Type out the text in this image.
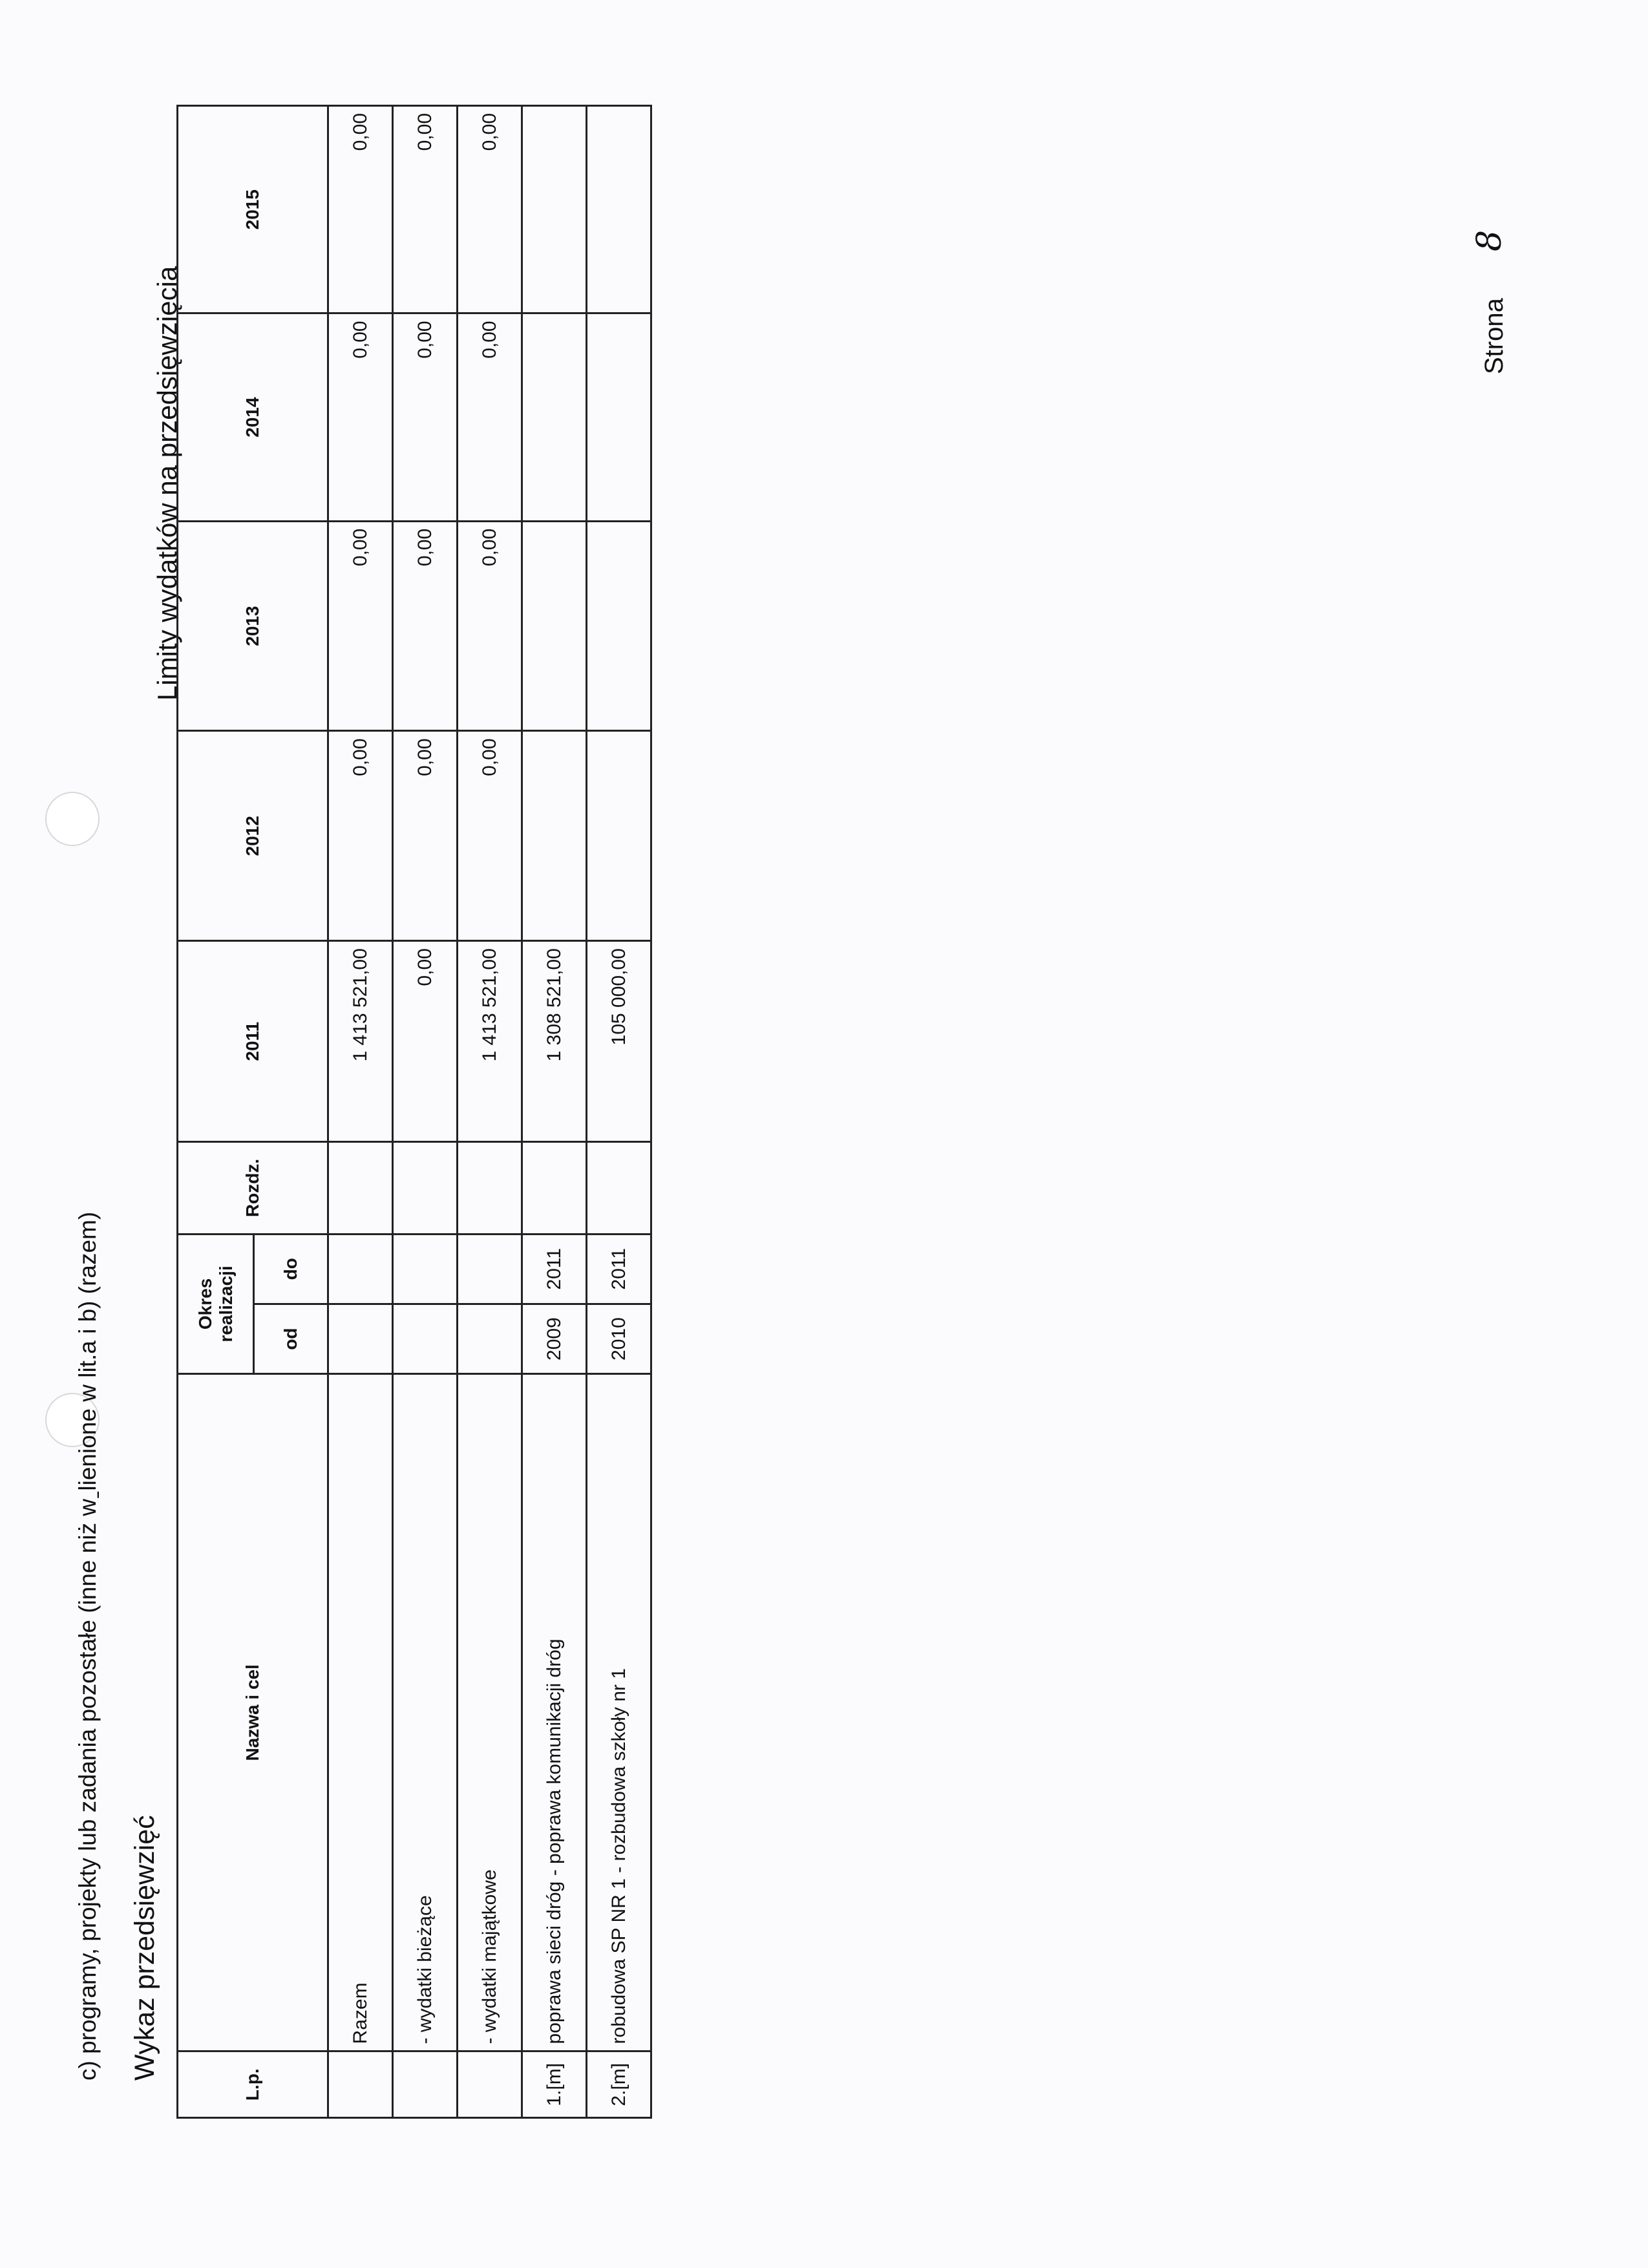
c) programy, projekty lub zadania pozostałe (inne niż wˍlienione w lit.a i b) (razem) Wykaz przedsięwzięć
Limity wydatków na przedsięwzięcia
L.p.	Nazwa i cel	Okres realizacji		Rozdz.	2011	2012	2013	2014	2015
		od	do						
	Razem				1 413 521,00	0,00	0,00	0,00	0,00
	- wydatki bieżące				0,00	0,00	0,00	0,00	0,00
	- wydatki majątkowe				1 413 521,00	0,00	0,00	0,00	0,00
1.[m]	poprawa sieci dróg - poprawa komunikacji dróg	2009	2011		1 308 521,00				
2.[m]	robudowa SP NR 1 - rozbudowa szkoły nr 1	2010	2011		105 000,00				
Strona
8
